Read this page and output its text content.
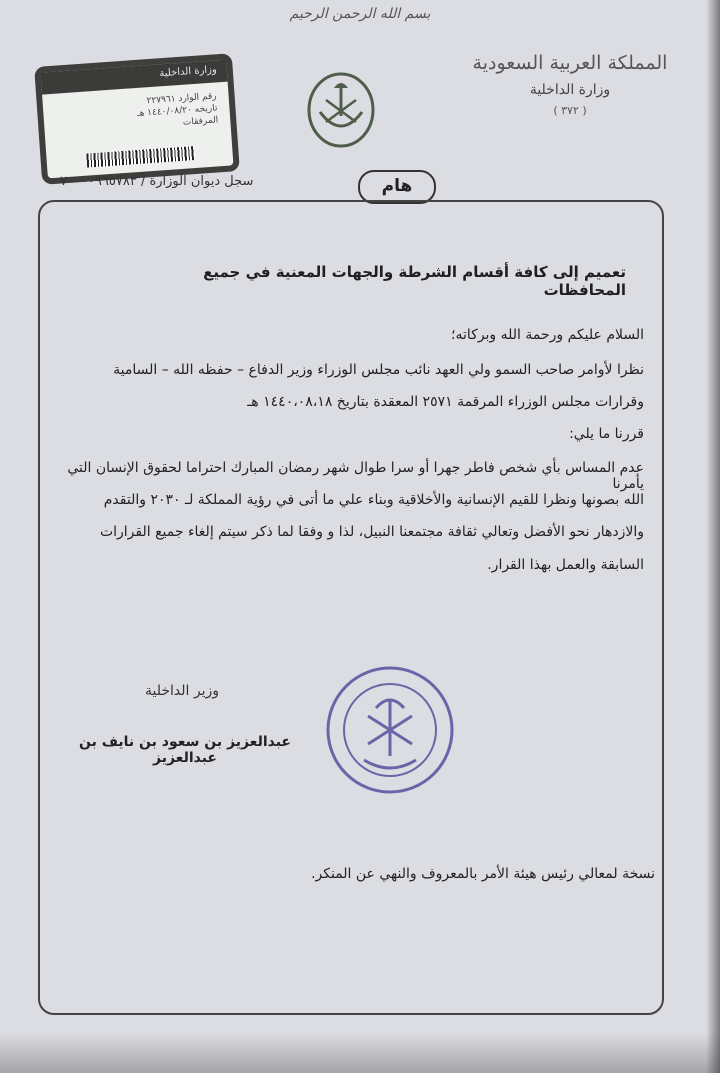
بسم الله الرحمن الرحيم
المملكة العربية السعودية
وزارة الداخلية
( ٣٧٢ )
وزارة الداخلية
رقم الوارد ٢٢٧٩٦١
تاريخه ١٤٤٠/٠٨/٢٠ هـ
المرفقات
سجل ديوان الوزارة / ٧٠٠٠٠٩٦٥٧٨٣	هام
تعميم إلى كافة أقسام الشرطة والجهات المعنية في جميع المحافظات
السلام عليكم ورحمة الله وبركاته؛
نظرا لأوامر صاحب السمو ولي العهد نائب مجلس الوزراء وزير الدفاع – حفظه الله – السامية
وقرارات مجلس الوزراء المرقمة ٢٥٧١ المعقدة بتاريخ ١٤٤٠،٠٨،١٨ هـ
قررنا ما يلي:
عدم المساس بأي شخص فاطر جهرا أو سرا طوال شهر رمضان المبارك احتراما لحقوق الإنسان التي يأمرنا
الله بصونها ونظرا للقيم الإنسانية والأخلاقية وبناء علي ما أتى في رؤية المملكة لـ ٢٠٣٠ والتقدم
والازدهار نحو الأفضل وتعالي ثقافة مجتمعنا النبيل، لذا و وفقا لما ذكر سيتم إلغاء جميع القرارات
السابقة والعمل بهذا القرار.
وزير الداخلية
عبدالعزيز بن سعود بن نايف بن عبدالعزيز
نسخة لمعالي رئيس هيئة الأمر بالمعروف والنهي عن المنكر.
